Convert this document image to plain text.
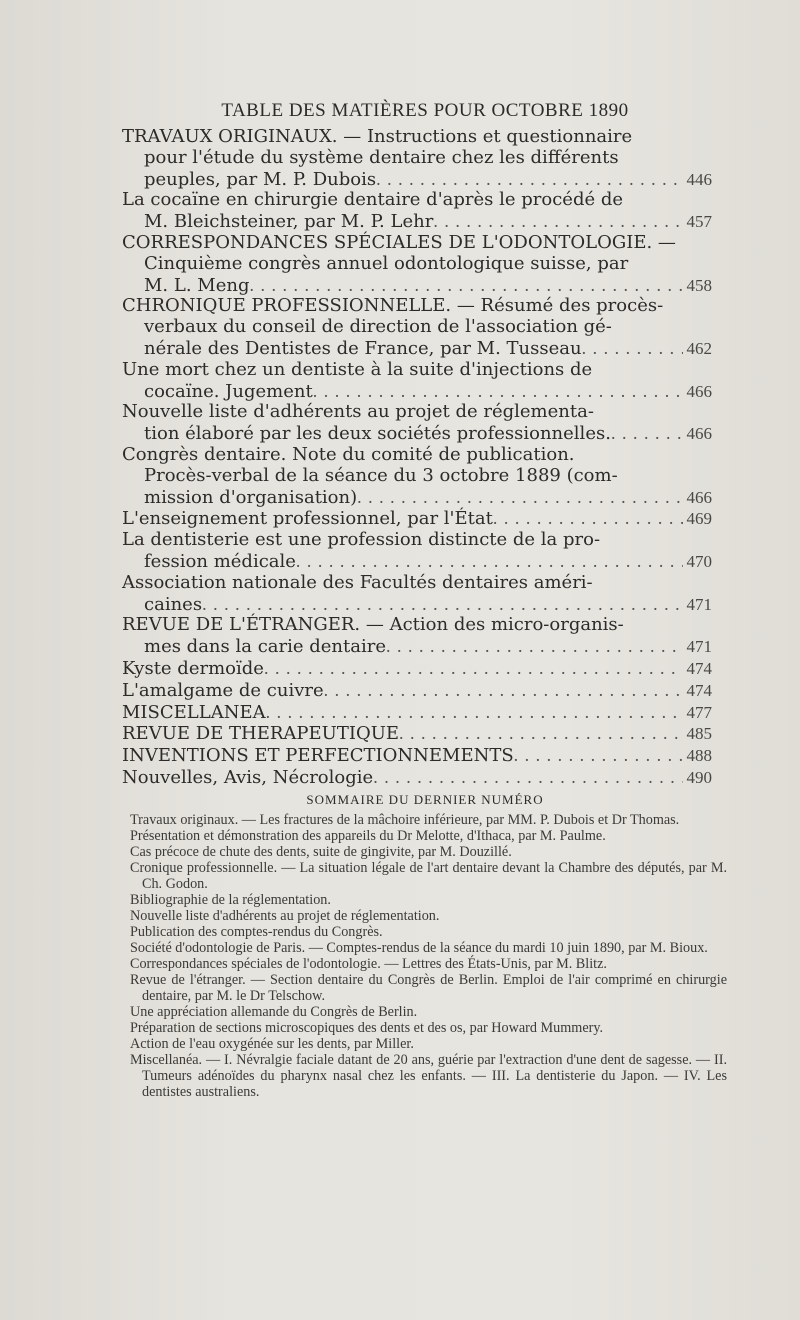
TABLE DES MATIÈRES POUR OCTOBRE 1890
TRAVAUX ORIGINAUX. — Instructions et questionnaire
pour l'étude du système dentaire chez les différents
peuples, par M. P. Dubois . . .	446
La cocaïne en chirurgie dentaire d'après le procédé de
M. Bleichsteiner, par M. P. Lehr . . .	457
CORRESPONDANCES SPÉCIALES DE L'ODONTOLOGIE. —
Cinquième congrès annuel odontologique suisse, par
M. L. Meng . . .	458
CHRONIQUE PROFESSIONNELLE. — Résumé des procès-
verbaux du conseil de direction de l'association gé-
nérale des Dentistes de France, par M. Tusseau . . .	462
Une mort chez un dentiste à la suite d'injections de
cocaïne. Jugement . . .	466
Nouvelle liste d'adhérents au projet de réglementa-
tion élaboré par les deux sociétés professionnelles. . . .	466
Congrès dentaire. Note du comité de publication.
Procès-verbal de la séance du 3 octobre 1889 (com-
mission d'organisation) . . .	466
L'enseignement professionnel, par l'État . . .	469
La dentisterie est une profession distincte de la pro-
fession médicale . . .	470
Association nationale des Facultés dentaires améri-
caines . . .	471
REVUE DE L'ÉTRANGER. — Action des micro-organis-
mes dans la carie dentaire . . .	471
Kyste dermoïde . . .	474
L'amalgame de cuivre . . .	474
MISCELLANEA . . .	477
REVUE DE THERAPEUTIQUE . . .	485
INVENTIONS ET PERFECTIONNEMENTS . . .	488
Nouvelles, Avis, Nécrologie . . .	490
SOMMAIRE DU DERNIER NUMÉRO

Travaux originaux. — Les fractures de la mâchoire inférieure, par MM. P. Dubois et Dr Thomas.

Présentation et démonstration des appareils du Dr Melotte, d'Ithaca, par M. Paulme.

Cas précoce de chute des dents, suite de gingivite, par M. Douzillé.

Cronique professionnelle. — La situation légale de l'art dentaire devant la Chambre des députés, par M. Ch. Godon.

Bibliographie de la réglementation.

Nouvelle liste d'adhérents au projet de réglementation.

Publication des comptes-rendus du Congrès.

Société d'odontologie de Paris. — Comptes-rendus de la séance du mardi 10 juin 1890, par M. Bioux.

Correspondances spéciales de l'odontologie. — Lettres des États-Unis, par M. Blitz.

Revue de l'étranger. — Section dentaire du Congrès de Berlin. Emploi de l'air comprimé en chirurgie dentaire, par M. le Dr Telschow.

Une appréciation allemande du Congrès de Berlin.

Préparation de sections microscopiques des dents et des os, par Howard Mummery.

Action de l'eau oxygénée sur les dents, par Miller.

Miscellanéa. — I. Névralgie faciale datant de 20 ans, guérie par l'extraction d'une dent de sagesse. — II. Tumeurs adénoïdes du pharynx nasal chez les enfants. — III. La dentisterie du Japon. — IV. Les dentistes australiens.
